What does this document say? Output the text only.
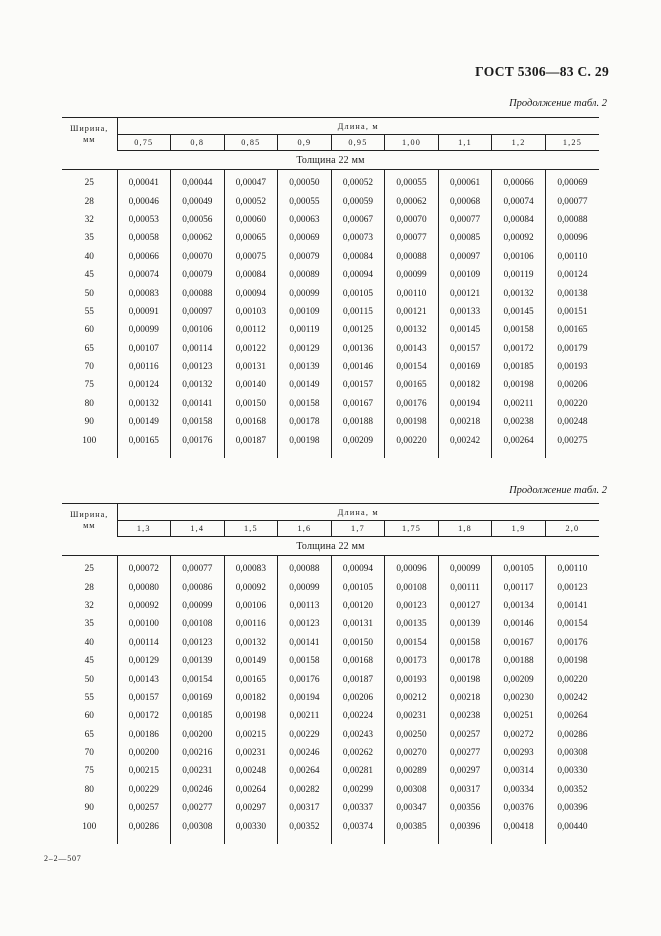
ГОСТ 5306—83 С. 29
Продолжение табл. 2
Ширина,
мм	Длина, м								
	0,75	0,8	0,85	0,9	0,95	1,00	1,1	1,2	1,25
Толщина 22 мм									
25	0,00041	0,00044	0,00047	0,00050	0,00052	0,00055	0,00061	0,00066	0,00069
28	0,00046	0,00049	0,00052	0,00055	0,00059	0,00062	0,00068	0,00074	0,00077
32	0,00053	0,00056	0,00060	0,00063	0,00067	0,00070	0,00077	0,00084	0,00088
35	0,00058	0,00062	0,00065	0,00069	0,00073	0,00077	0,00085	0,00092	0,00096
40	0,00066	0,00070	0,00075	0,00079	0,00084	0,00088	0,00097	0,00106	0,00110
45	0,00074	0,00079	0,00084	0,00089	0,00094	0,00099	0,00109	0,00119	0,00124
50	0,00083	0,00088	0,00094	0,00099	0,00105	0,00110	0,00121	0,00132	0,00138
55	0,00091	0,00097	0,00103	0,00109	0,00115	0,00121	0,00133	0,00145	0,00151
60	0,00099	0,00106	0,00112	0,00119	0,00125	0,00132	0,00145	0,00158	0,00165
65	0,00107	0,00114	0,00122	0,00129	0,00136	0,00143	0,00157	0,00172	0,00179
70	0,00116	0,00123	0,00131	0,00139	0,00146	0,00154	0,00169	0,00185	0,00193
75	0,00124	0,00132	0,00140	0,00149	0,00157	0,00165	0,00182	0,00198	0,00206
80	0,00132	0,00141	0,00150	0,00158	0,00167	0,00176	0,00194	0,00211	0,00220
90	0,00149	0,00158	0,00168	0,00178	0,00188	0,00198	0,00218	0,00238	0,00248
100	0,00165	0,00176	0,00187	0,00198	0,00209	0,00220	0,00242	0,00264	0,00275
Продолжение табл. 2
Ширина,
мм	Длина, м								
	1,3	1,4	1,5	1,6	1,7	1,75	1,8	1,9	2,0
Толщина 22 мм									
25	0,00072	0,00077	0,00083	0,00088	0,00094	0,00096	0,00099	0,00105	0,00110
28	0,00080	0,00086	0,00092	0,00099	0,00105	0,00108	0,00111	0,00117	0,00123
32	0,00092	0,00099	0,00106	0,00113	0,00120	0,00123	0,00127	0,00134	0,00141
35	0,00100	0,00108	0,00116	0,00123	0,00131	0,00135	0,00139	0,00146	0,00154
40	0,00114	0,00123	0,00132	0,00141	0,00150	0,00154	0,00158	0,00167	0,00176
45	0,00129	0,00139	0,00149	0,00158	0,00168	0,00173	0,00178	0,00188	0,00198
50	0,00143	0,00154	0,00165	0,00176	0,00187	0,00193	0,00198	0,00209	0,00220
55	0,00157	0,00169	0,00182	0,00194	0,00206	0,00212	0,00218	0,00230	0,00242
60	0,00172	0,00185	0,00198	0,00211	0,00224	0,00231	0,00238	0,00251	0,00264
65	0,00186	0,00200	0,00215	0,00229	0,00243	0,00250	0,00257	0,00272	0,00286
70	0,00200	0,00216	0,00231	0,00246	0,00262	0,00270	0,00277	0,00293	0,00308
75	0,00215	0,00231	0,00248	0,00264	0,00281	0,00289	0,00297	0,00314	0,00330
80	0,00229	0,00246	0,00264	0,00282	0,00299	0,00308	0,00317	0,00334	0,00352
90	0,00257	0,00277	0,00297	0,00317	0,00337	0,00347	0,00356	0,00376	0,00396
100	0,00286	0,00308	0,00330	0,00352	0,00374	0,00385	0,00396	0,00418	0,00440
2–2—507
